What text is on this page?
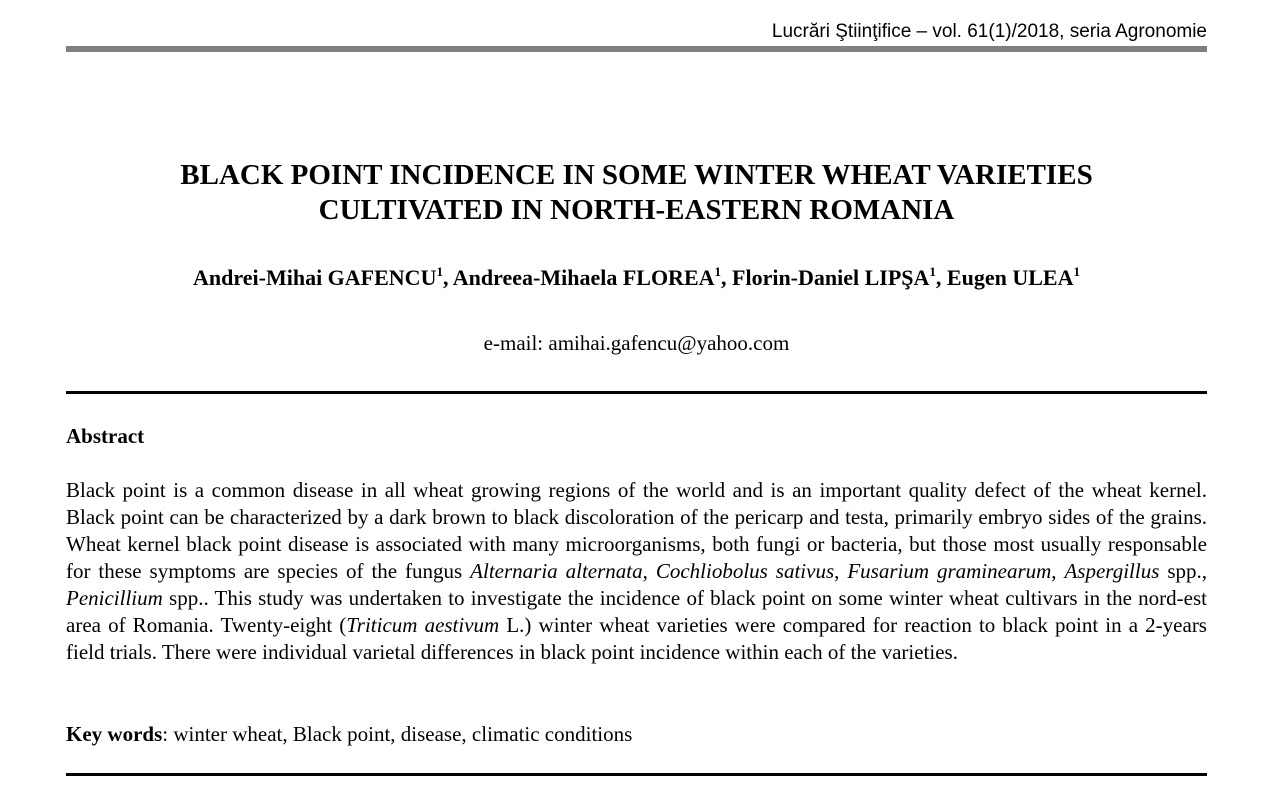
Lucrări Ştiinţifice – vol. 61(1)/2018, seria Agronomie
BLACK POINT INCIDENCE IN SOME WINTER WHEAT VARIETIES
CULTIVATED IN NORTH-EASTERN ROMANIA
Andrei-Mihai GAFENCU$^1$, Andreea-Mihaela FLOREA$^1$, Florin-Daniel LIPŞA$^1$, Eugen ULEA$^1$
e-mail: amihai.gafencu@yahoo.com
Abstract
Black point is a common disease in all wheat growing regions of the world and is an important quality defect of the wheat kernel. Black point can be characterized by a dark brown to black discoloration of the pericarp and testa, primarily embryo sides of the grains. Wheat kernel black point disease is associated with many microorganisms, both fungi or bacteria, but those most usually responsable for these symptoms are species of the fungus Alternaria alternata, Cochliobolus sativus, Fusarium graminearum, Aspergillus spp., Penicillium spp.. This study was undertaken to investigate the incidence of black point on some winter wheat cultivars in the nord-est area of Romania. Twenty-eight (Triticum aestivum L.) winter wheat varieties were compared for reaction to black point in a 2-years field trials. There were individual varietal differences in black point incidence within each of the varieties.
Key words: winter wheat, Black point, disease, climatic conditions
